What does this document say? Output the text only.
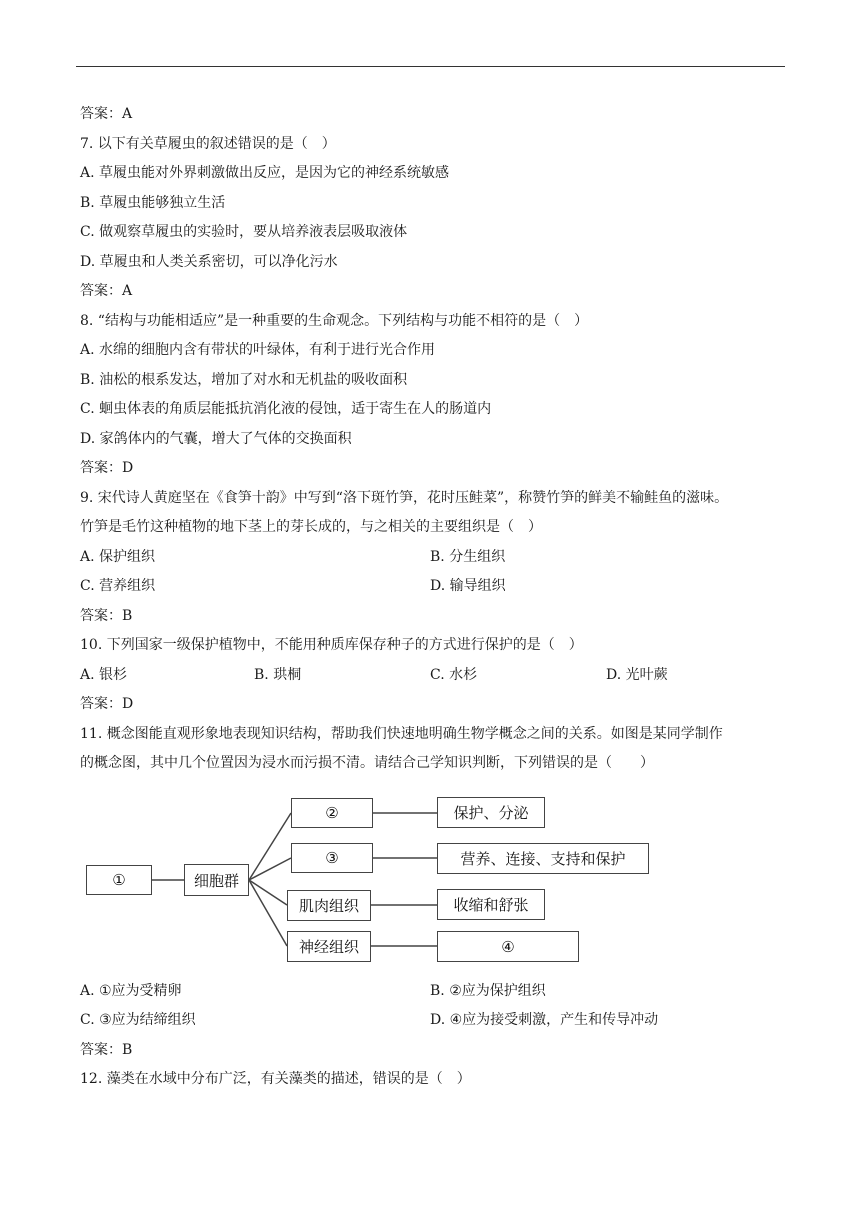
答案：A
7. 以下有关草履虫的叙述错误的是（　）
A. 草履虫能对外界刺激做出反应，是因为它的神经系统敏感
B. 草履虫能够独立生活
C. 做观察草履虫的实验时，要从培养液表层吸取液体
D. 草履虫和人类关系密切，可以净化污水
答案：A
8. “结构与功能相适应”是一种重要的生命观念。下列结构与功能不相符的是（　）
A. 水绵的细胞内含有带状的叶绿体，有利于进行光合作用
B. 油松的根系发达，增加了对水和无机盐的吸收面积
C. 蛔虫体表的角质层能抵抗消化液的侵蚀，适于寄生在人的肠道内
D. 家鸽体内的气囊，增大了气体的交换面积
答案：D
9. 宋代诗人黄庭坚在《食笋十韵》中写到“洛下斑竹笋，花时压鲑菜”，称赞竹笋的鲜美不输鲑鱼的滋味。
竹笋是毛竹这种植物的地下茎上的芽长成的，与之相关的主要组织是（　）
A. 保护组织	B. 分生组织
C. 营养组织	D. 输导组织
答案：B
10. 下列国家一级保护植物中，不能用种质库保存种子的方式进行保护的是（　）
A. 银杉	B. 珙桐	C. 水杉	D. 光叶蕨
答案：D
11. 概念图能直观形象地表现知识结构，帮助我们快速地明确生物学概念之间的关系。如图是某同学制作
的概念图，其中几个位置因为浸水而污损不清。请结合己学知识判断，下列错误的是（　　）
①	细胞群
②
③
肌肉组织
神经组织
保护、分泌
营养、连接、支持和保护
收缩和舒张
④
A. ①应为受精卵	B. ②应为保护组织
C. ③应为结缔组织	D. ④应为接受刺激，产生和传导冲动
答案：B
12. 藻类在水域中分布广泛，有关藻类的描述，错误的是（　）
